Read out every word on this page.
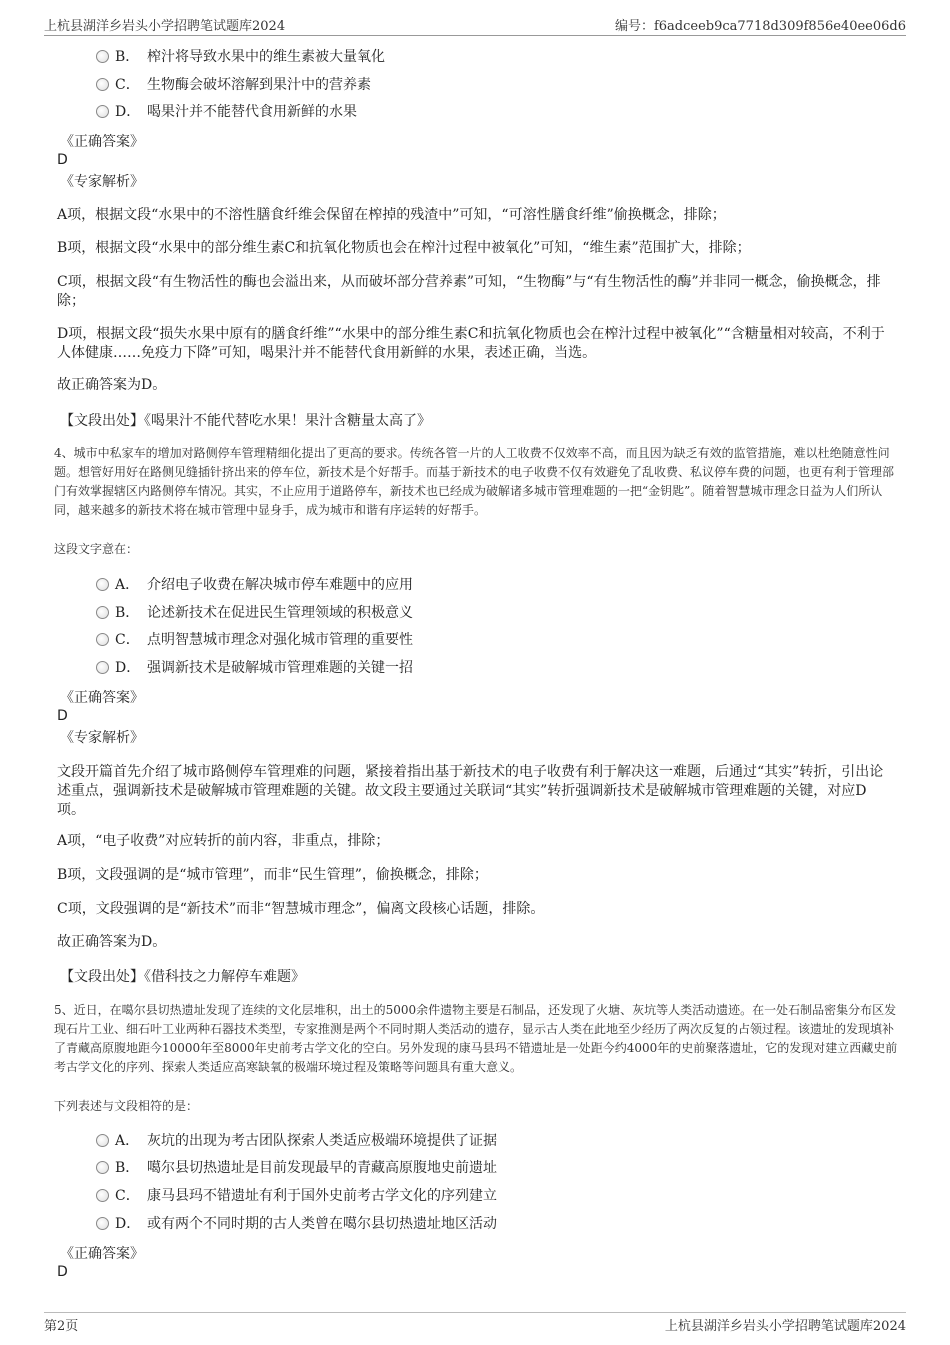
上杭县湖洋乡岩头小学招聘笔试题库2024	编号：f6adceeb9ca7718d309f856e40ee06d6
B． 榨汁将导致水果中的维生素被大量氧化
C． 生物酶会破坏溶解到果汁中的营养素
D． 喝果汁并不能替代食用新鲜的水果
《正确答案》
D
《专家解析》
A项，根据文段“水果中的不溶性膳食纤维会保留在榨掉的残渣中”可知，“可溶性膳食纤维”偷换概念，排除；
B项，根据文段“水果中的部分维生素C和抗氧化物质也会在榨汁过程中被氧化”可知，“维生素”范围扩大，排除；
C项，根据文段“有生物活性的酶也会溢出来，从而破坏部分营养素”可知，“生物酶”与“有生物活性的酶”并非同一概念，偷换概念，排除；
D项，根据文段“损失水果中原有的膳食纤维”“水果中的部分维生素C和抗氧化物质也会在榨汁过程中被氧化”“含糖量相对较高，不利于人体健康……免疫力下降”可知，喝果汁并不能替代食用新鲜的水果，表述正确，当选。
故正确答案为D。
【文段出处】《喝果汁不能代替吃水果！果汁含糖量太高了》
4、城市中私家车的增加对路侧停车管理精细化提出了更高的要求。传统各管一片的人工收费不仅效率不高，而且因为缺乏有效的监管措施，难以杜绝随意性问题。想管好用好在路侧见缝插针挤出来的停车位，新技术是个好帮手。而基于新技术的电子收费不仅有效避免了乱收费、私议停车费的问题，也更有利于管理部门有效掌握辖区内路侧停车情况。其实，不止应用于道路停车，新技术也已经成为破解诸多城市管理难题的一把“金钥匙”。随着智慧城市理念日益为人们所认同，越来越多的新技术将在城市管理中显身手，成为城市和谐有序运转的好帮手。
这段文字意在：
A． 介绍电子收费在解决城市停车难题中的应用
B． 论述新技术在促进民生管理领域的积极意义
C． 点明智慧城市理念对强化城市管理的重要性
D． 强调新技术是破解城市管理难题的关键一招
《正确答案》
D
《专家解析》
文段开篇首先介绍了城市路侧停车管理难的问题，紧接着指出基于新技术的电子收费有利于解决这一难题，后通过“其实”转折，引出论述重点，强调新技术是破解城市管理难题的关键。故文段主要通过关联词“其实”转折强调新技术是破解城市管理难题的关键，对应D项。
A项，“电子收费”对应转折的前内容，非重点，排除；
B项，文段强调的是“城市管理”，而非“民生管理”，偷换概念，排除；
C项，文段强调的是“新技术”而非“智慧城市理念”，偏离文段核心话题，排除。
故正确答案为D。
【文段出处】《借科技之力解停车难题》
5、近日，在噶尔县切热遗址发现了连续的文化层堆积，出土的5000余件遗物主要是石制品，还发现了火塘、灰坑等人类活动遗迹。在一处石制品密集分布区发现石片工业、细石叶工业两种石器技术类型，专家推测是两个不同时期人类活动的遗存，显示古人类在此地至少经历了两次反复的占领过程。该遗址的发现填补了青藏高原腹地距今10000年至8000年史前考古学文化的空白。另外发现的康马县玛不错遗址是一处距今约4000年的史前聚落遗址，它的发现对建立西藏史前考古学文化的序列、探索人类适应高寒缺氧的极端环境过程及策略等问题具有重大意义。
下列表述与文段相符的是：
A． 灰坑的出现为考古团队探索人类适应极端环境提供了证据
B． 噶尔县切热遗址是目前发现最早的青藏高原腹地史前遗址
C． 康马县玛不错遗址有利于国外史前考古学文化的序列建立
D． 或有两个不同时期的古人类曾在噶尔县切热遗址地区活动
《正确答案》
D
第2页	上杭县湖洋乡岩头小学招聘笔试题库2024
